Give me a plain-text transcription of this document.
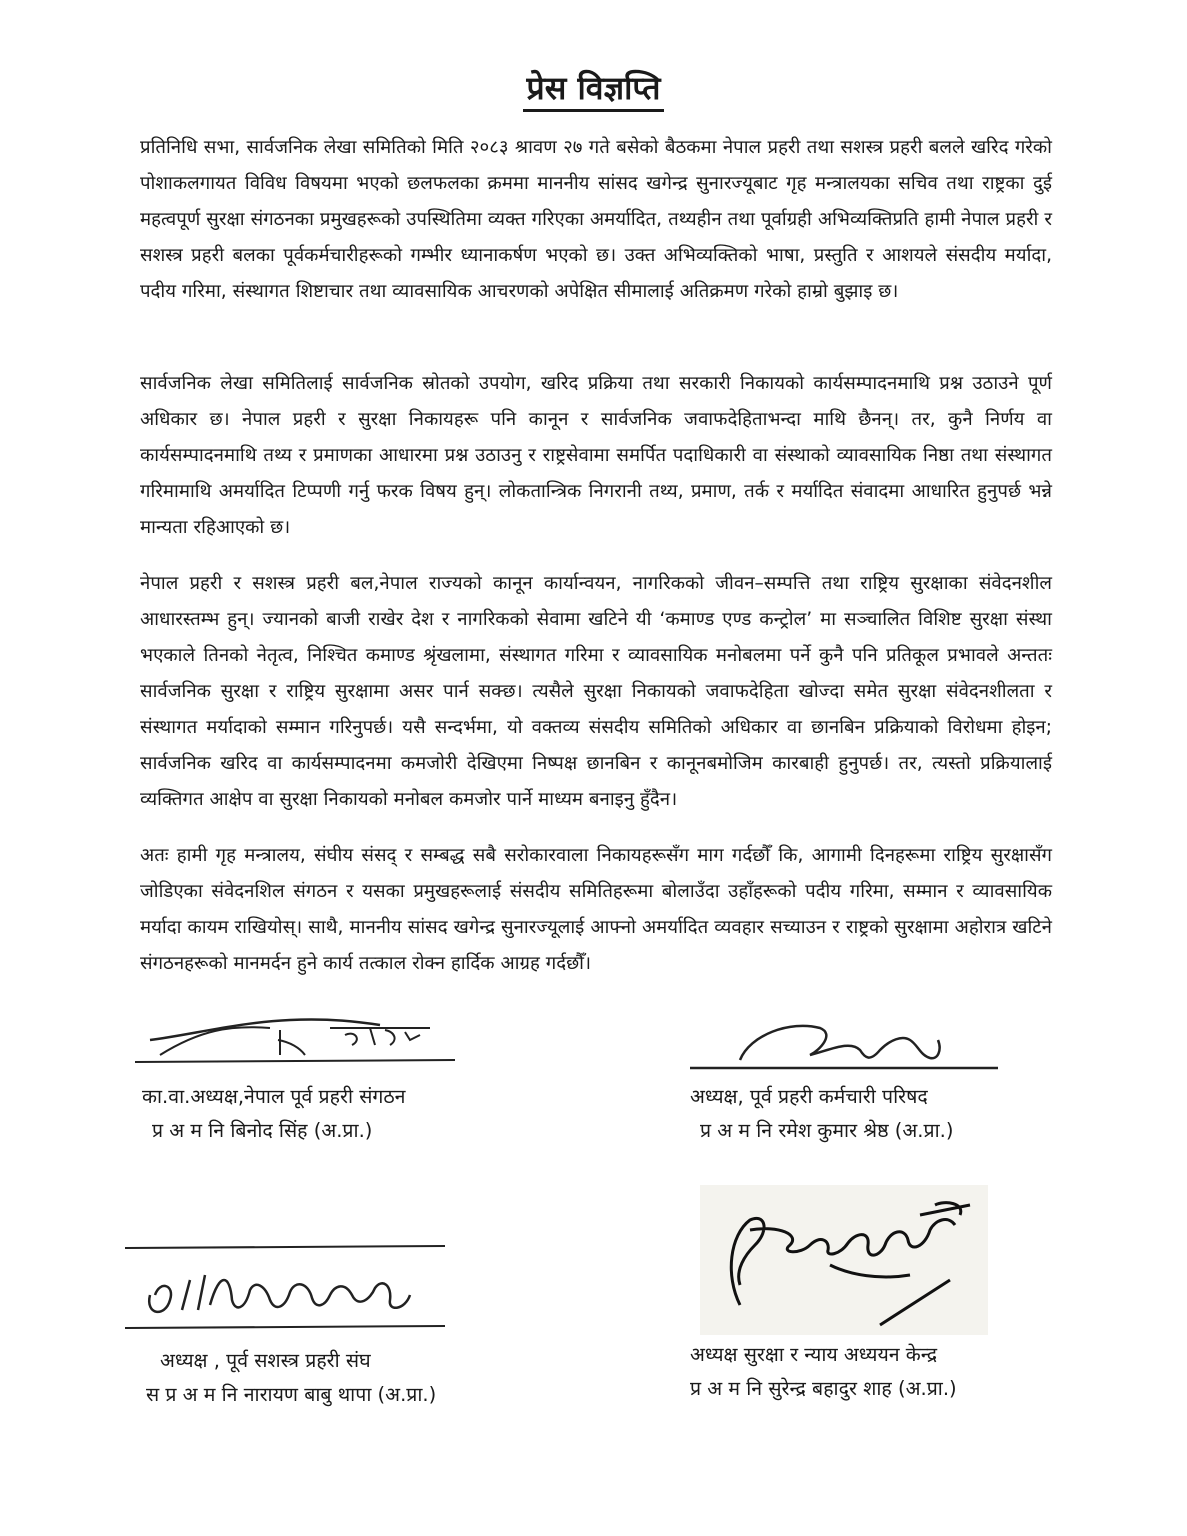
प्रेस विज्ञप्ति
प्रतिनिधि सभा, सार्वजनिक लेखा समितिको मिति २०८३ श्रावण २७ गते बसेको बैठकमा नेपाल प्रहरी तथा सशस्त्र प्रहरी बलले खरिद गरेको पोशाकलगायत विविध विषयमा भएको छलफलका क्रममा माननीय सांसद खगेन्द्र सुनारज्यूबाट गृह मन्त्रालयका सचिव तथा राष्ट्रका दुई महत्वपूर्ण सुरक्षा संगठनका प्रमुखहरूको उपस्थितिमा व्यक्त गरिएका अमर्यादित, तथ्यहीन तथा पूर्वाग्रही अभिव्यक्तिप्रति हामी नेपाल प्रहरी र सशस्त्र प्रहरी बलका पूर्वकर्मचारीहरूको गम्भीर ध्यानाकर्षण भएको छ। उक्त अभिव्यक्तिको भाषा, प्रस्तुति र आशयले संसदीय मर्यादा, पदीय गरिमा, संस्थागत शिष्टाचार तथा व्यावसायिक आचरणको अपेक्षित सीमालाई अतिक्रमण गरेको हाम्रो बुझाइ छ।
सार्वजनिक लेखा समितिलाई सार्वजनिक स्रोतको उपयोग, खरिद प्रक्रिया तथा सरकारी निकायको कार्यसम्पादनमाथि प्रश्न उठाउने पूर्ण अधिकार छ। नेपाल प्रहरी र सुरक्षा निकायहरू पनि कानून र सार्वजनिक जवाफदेहिताभन्दा माथि छैनन्। तर, कुनै निर्णय वा कार्यसम्पादनमाथि तथ्य र प्रमाणका आधारमा प्रश्न उठाउनु र राष्ट्रसेवामा समर्पित पदाधिकारी वा संस्थाको व्यावसायिक निष्ठा तथा संस्थागत गरिमामाथि अमर्यादित टिप्पणी गर्नु फरक विषय हुन्। लोकतान्त्रिक निगरानी तथ्य, प्रमाण, तर्क र मर्यादित संवादमा आधारित हुनुपर्छ भन्ने मान्यता रहिआएको छ।
नेपाल प्रहरी र सशस्त्र प्रहरी बल,नेपाल राज्यको कानून कार्यान्वयन, नागरिकको जीवन–सम्पत्ति तथा राष्ट्रिय सुरक्षाका संवेदनशील आधारस्तम्भ हुन्। ज्यानको बाजी राखेर देश र नागरिकको सेवामा खटिने यी ‘कमाण्ड एण्ड कन्ट्रोल’ मा सञ्चालित विशिष्ट सुरक्षा संस्था भएकाले तिनको नेतृत्व, निश्चित कमाण्ड श्रृंखलामा, संस्थागत गरिमा र व्यावसायिक मनोबलमा पर्ने कुनै पनि प्रतिकूल प्रभावले अन्ततः सार्वजनिक सुरक्षा र राष्ट्रिय सुरक्षामा असर पार्न सक्छ। त्यसैले सुरक्षा निकायको जवाफदेहिता खोज्दा समेत सुरक्षा संवेदनशीलता र संस्थागत मर्यादाको सम्मान गरिनुपर्छ। यसै सन्दर्भमा, यो वक्तव्य संसदीय समितिको अधिकार वा छानबिन प्रक्रियाको विरोधमा होइन; सार्वजनिक खरिद वा कार्यसम्पादनमा कमजोरी देखिएमा निष्पक्ष छानबिन र कानूनबमोजिम कारबाही हुनुपर्छ। तर, त्यस्तो प्रक्रियालाई व्यक्तिगत आक्षेप वा सुरक्षा निकायको मनोबल कमजोर पार्ने माध्यम बनाइनु हुँदैन।
अतः हामी गृह मन्त्रालय, संघीय संसद् र सम्बद्ध सबै सरोकारवाला निकायहरूसँग माग गर्दछौँ कि, आगामी दिनहरूमा राष्ट्रिय सुरक्षासँग जोडिएका संवेदनशिल संगठन र यसका प्रमुखहरूलाई संसदीय समितिहरूमा बोलाउँदा उहाँहरूको पदीय गरिमा, सम्मान र व्यावसायिक मर्यादा कायम राखियोस्। साथै, माननीय सांसद खगेन्द्र सुनारज्यूलाई आफ्नो अमर्यादित व्यवहार सच्याउन र राष्ट्रको सुरक्षामा अहोरात्र खटिने संगठनहरूको मानमर्दन हुने कार्य तत्काल रोक्न हार्दिक आग्रह गर्दछौँ।
का.वा.अध्यक्ष,नेपाल पूर्व प्रहरी संगठन
प्र अ म नि बिनोद सिंह (अ.प्रा.)
अध्यक्ष, पूर्व प्रहरी कर्मचारी परिषद
प्र अ म नि रमेश कुमार श्रेष्ठ (अ.प्रा.)
अध्यक्ष , पूर्व सशस्त्र प्रहरी संघ
स प्र अ म नि नारायण बाबु थापा (अ.प्रा.)
अध्यक्ष सुरक्षा र न्याय अध्ययन केन्द्र
प्र अ म नि सुरेन्द्र बहादुर शाह (अ.प्रा.)
